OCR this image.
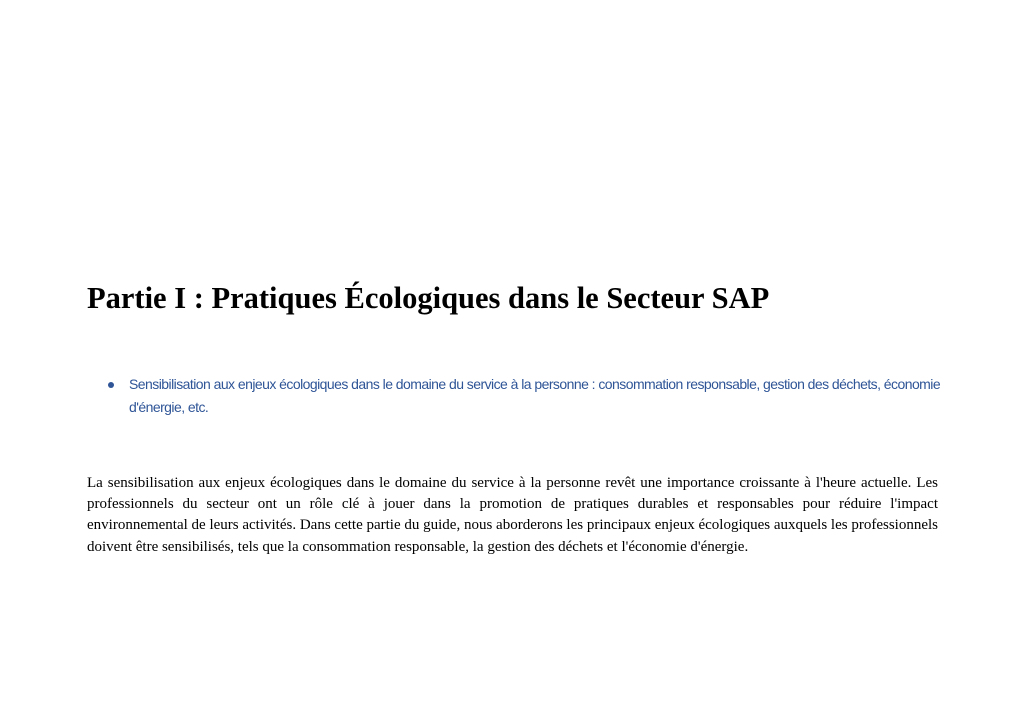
Partie I : Pratiques Écologiques dans le Secteur SAP
Sensibilisation aux enjeux écologiques dans le domaine du service à la personne : consommation responsable, gestion des déchets, économie d'énergie, etc.

La sensibilisation aux enjeux écologiques dans le domaine du service à la personne revêt une importance croissante à l'heure actuelle. Les professionnels du secteur ont un rôle clé à jouer dans la promotion de pratiques durables et responsables pour réduire l'impact environnemental de leurs activités. Dans cette partie du guide, nous aborderons les principaux enjeux écologiques auxquels les professionnels doivent être sensibilisés, tels que la consommation responsable, la gestion des déchets et l'économie d'énergie.
